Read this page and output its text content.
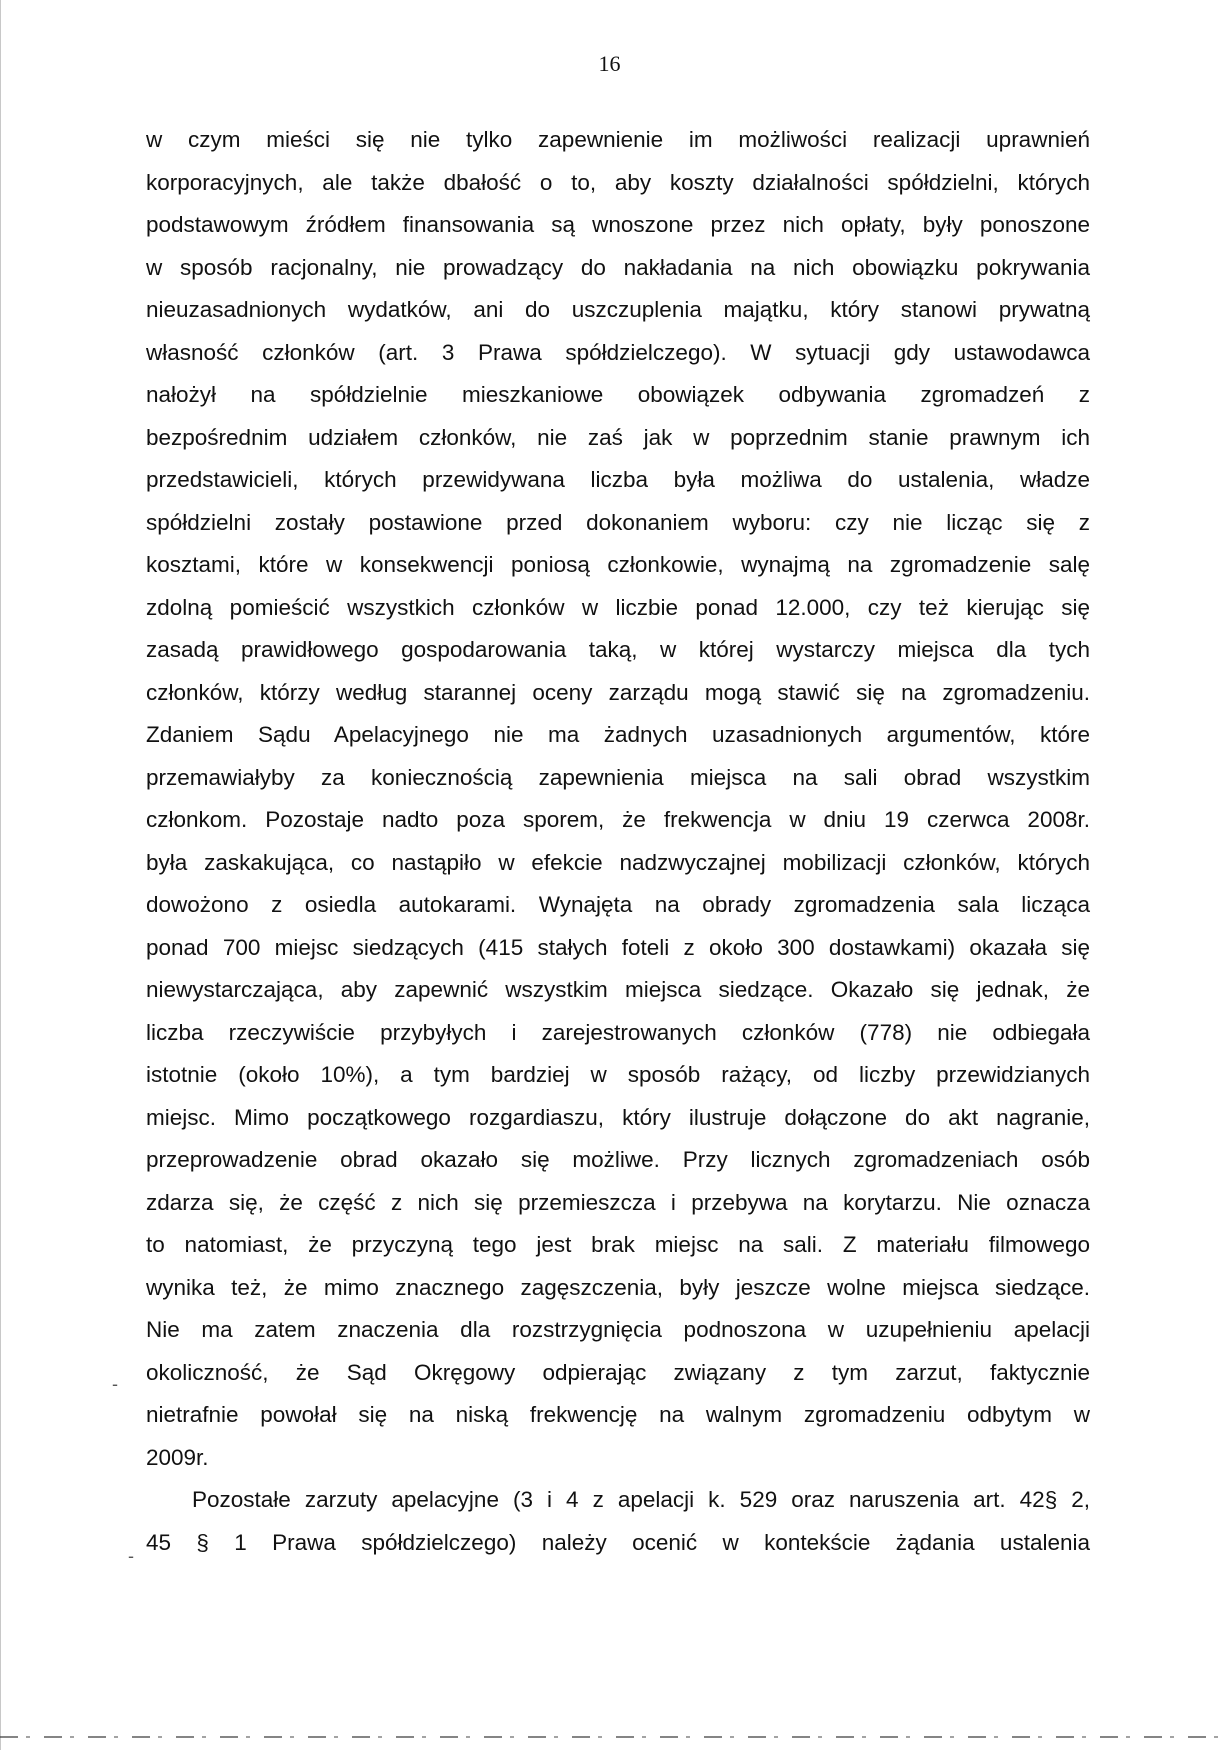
16
w czym mieści się nie tylko zapewnienie im możliwości realizacji uprawnień
korporacyjnych, ale także dbałość o to, aby koszty działalności spółdzielni, których
podstawowym źródłem finansowania są wnoszone przez nich opłaty, były ponoszone
w sposób racjonalny, nie prowadzący do nakładania na nich obowiązku pokrywania
nieuzasadnionych wydatków, ani do uszczuplenia majątku, który stanowi prywatną
własność członków (art. 3 Prawa spółdzielczego). W sytuacji gdy ustawodawca
nałożył na spółdzielnie mieszkaniowe obowiązek odbywania zgromadzeń z
bezpośrednim udziałem członków, nie zaś jak w poprzednim stanie prawnym ich
przedstawicieli, których przewidywana liczba była możliwa do ustalenia, władze
spółdzielni zostały postawione przed dokonaniem wyboru: czy nie licząc się z
kosztami, które w konsekwencji poniosą członkowie, wynajmą na zgromadzenie salę
zdolną pomieścić wszystkich członków w liczbie ponad 12.000, czy też kierując się
zasadą prawidłowego gospodarowania taką, w której wystarczy miejsca dla tych
członków, którzy według starannej oceny zarządu mogą stawić się na zgromadzeniu.
Zdaniem Sądu Apelacyjnego nie ma żadnych uzasadnionych argumentów, które
przemawiałyby za koniecznością zapewnienia miejsca na sali obrad wszystkim
członkom. Pozostaje nadto poza sporem, że frekwencja w dniu 19 czerwca 2008r.
była zaskakująca, co nastąpiło w efekcie nadzwyczajnej mobilizacji członków, których
dowożono z osiedla autokarami. Wynajęta na obrady zgromadzenia sala licząca
ponad 700 miejsc siedzących (415 stałych foteli z około 300 dostawkami) okazała się
niewystarczająca, aby zapewnić wszystkim miejsca siedzące. Okazało się jednak, że
liczba rzeczywiście przybyłych i zarejestrowanych członków (778) nie odbiegała
istotnie (około 10%), a tym bardziej w sposób rażący, od liczby przewidzianych
miejsc. Mimo początkowego rozgardiaszu, który ilustruje dołączone do akt nagranie,
przeprowadzenie obrad okazało się możliwe. Przy licznych zgromadzeniach osób
zdarza się, że część z nich się przemieszcza i przebywa na korytarzu. Nie oznacza
to natomiast, że przyczyną tego jest brak miejsc na sali. Z materiału filmowego
wynika też, że mimo znacznego zagęszczenia, były jeszcze wolne miejsca siedzące.
Nie ma zatem znaczenia dla rozstrzygnięcia podnoszona w uzupełnieniu apelacji
okoliczność, że Sąd Okręgowy odpierając związany z tym zarzut, faktycznie
nietrafnie powołał się na niską frekwencję na walnym zgromadzeniu odbytym w
2009r.
Pozostałe zarzuty apelacyjne (3 i 4 z apelacji k. 529 oraz naruszenia art. 42§ 2,
45 § 1 Prawa spółdzielczego) należy ocenić w kontekście żądania ustalenia
-
-
